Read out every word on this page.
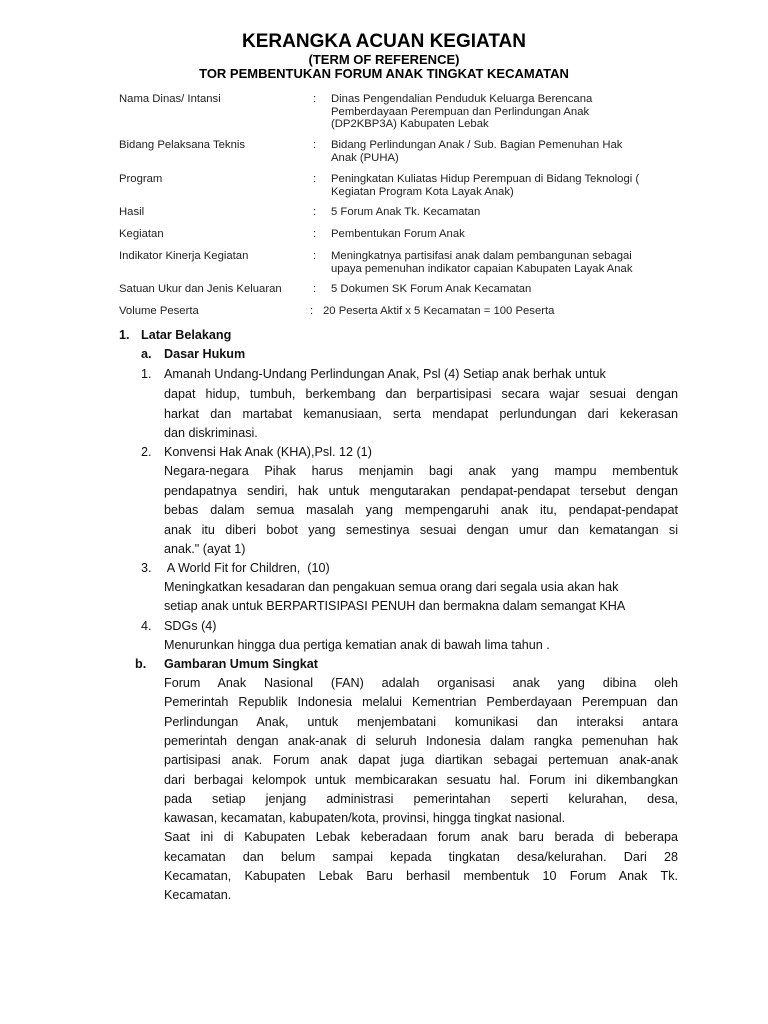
KERANGKA ACUAN KEGIATAN
(TERM OF REFERENCE)
TOR PEMBENTUKAN FORUM ANAK TINGKAT KECAMATAN
Nama Dinas/ Intansi	: Dinas Pengendalian Penduduk Keluarga Berencana
Pemberdayaan Perempuan dan Perlindungan Anak
(DP2KBP3A) Kabupaten Lebak
Bidang Pelaksana Teknis	: Bidang Perlindungan Anak / Sub. Bagian Pemenuhan Hak
Anak (PUHA)
Program	: Peningkatan Kuliatas Hidup Perempuan di Bidang Teknologi (
Kegiatan Program Kota Layak Anak)
Hasil	: 5 Forum Anak Tk. Kecamatan
Kegiatan	: Pembentukan Forum Anak
Indikator Kinerja Kegiatan	: Meningkatnya partisifasi anak dalam pembangunan sebagai
upaya pemenuhan indikator capaian Kabupaten Layak Anak
Satuan Ukur dan Jenis Keluaran	: 5 Dokumen SK Forum Anak Kecamatan
Volume Peserta	: 20 Peserta Aktif x 5 Kecamatan = 100 Peserta
1. Latar Belakang
a. Dasar Hukum
1. Amanah Undang-Undang Perlindungan Anak, Psl (4) Setiap anak berhak untuk
dapat hidup, tumbuh, berkembang dan berpartisipasi secara wajar sesuai dengan
harkat dan martabat kemanusiaan, serta mendapat perlundungan dari kekerasan
dan diskriminasi.
2. Konvensi Hak Anak (KHA),Psl. 12 (1)
Negara-negara Pihak harus menjamin bagi anak yang mampu membentuk
pendapatnya sendiri, hak untuk mengutarakan pendapat-pendapat tersebut dengan
bebas dalam semua masalah yang mempengaruhi anak itu, pendapat-pendapat
anak itu diberi bobot yang semestinya sesuai dengan umur dan kematangan si
anak." (ayat 1)
3. A World Fit for Children,  (10)
Meningkatkan kesadaran dan pengakuan semua orang dari segala usia akan hak
setiap anak untuk BERPARTISIPASI PENUH dan bermakna dalam semangat KHA
4. SDGs (4)
Menurunkan hingga dua pertiga kematian anak di bawah lima tahun .
b. Gambaran Umum Singkat
Forum Anak Nasional (FAN) adalah organisasi anak yang dibina oleh
Pemerintah Republik Indonesia melalui Kementrian Pemberdayaan Perempuan dan
Perlindungan Anak, untuk menjembatani komunikasi dan interaksi antara
pemerintah dengan anak-anak di seluruh Indonesia dalam rangka pemenuhan hak
partisipasi anak. Forum anak dapat juga diartikan sebagai pertemuan anak-anak
dari berbagai kelompok untuk membicarakan sesuatu hal. Forum ini dikembangkan
pada setiap jenjang administrasi pemerintahan seperti kelurahan, desa,
kawasan, kecamatan, kabupaten/kota, provinsi, hingga tingkat nasional.
Saat ini di Kabupaten Lebak keberadaan forum anak baru berada di beberapa
kecamatan dan belum sampai kepada tingkatan desa/kelurahan. Dari 28
Kecamatan, Kabupaten Lebak Baru berhasil membentuk 10 Forum Anak Tk.
Kecamatan.
